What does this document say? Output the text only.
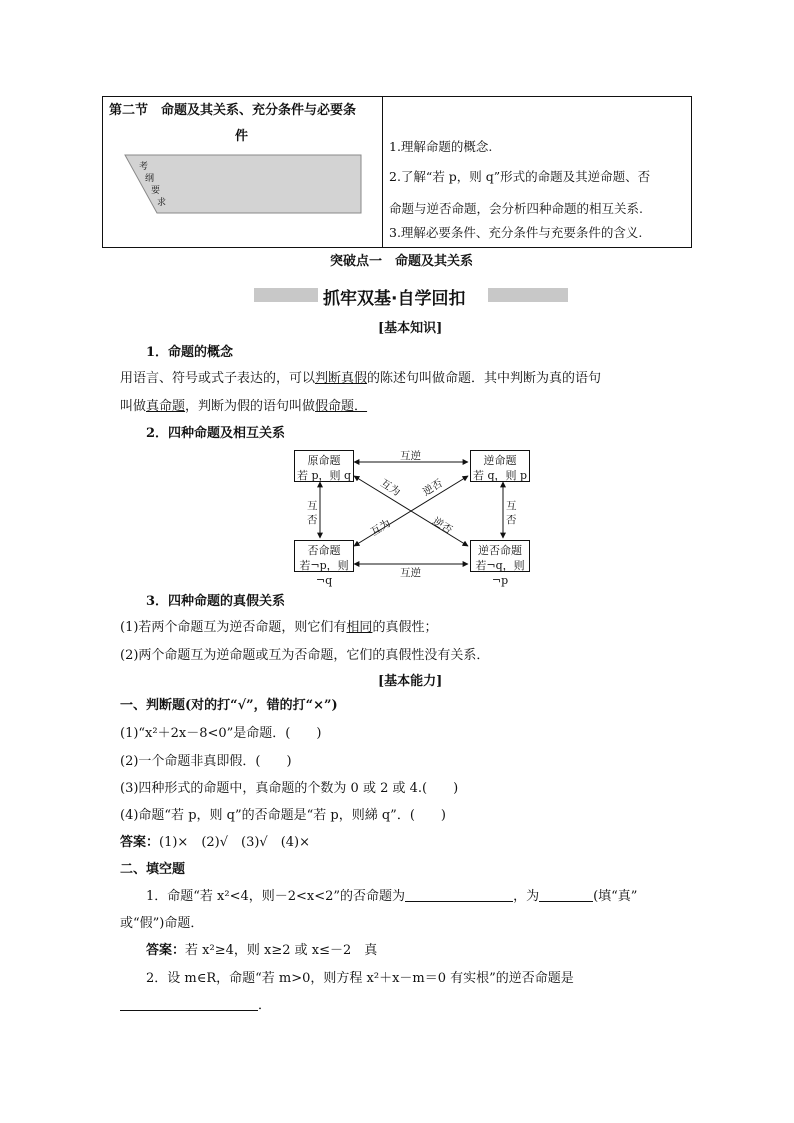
第二节　命题及其关系、充分条件与必要条
件
考
纲
要
求
1.理解命题的概念.
2.了解“若 p，则 q”形式的命题及其逆命题、否
命题与逆否命题，会分析四种命题的相互关系.
3.理解必要条件、充分条件与充要条件的含义.
突破点一　命题及其关系
抓牢双基·自学回扣
[基本知识]
1．命题的概念
用语言、符号或式子表达的，可以判断真假的陈述句叫做命题．其中判断为真的语句
叫做真命题，判断为假的语句叫做假命题．
2．四种命题及相互关系
原命题
若 p，则 q
逆命题
若 q，则 p
否命题
若¬p，则¬q
逆否命题
若¬q，则¬p
互逆
互逆
互
否
互
否
互为
逆否
逆否
互为
3．四种命题的真假关系
(1)若两个命题互为逆否命题，则它们有相同的真假性；
(2)两个命题互为逆命题或互为否命题，它们的真假性没有关系．
[基本能力]
一、判断题(对的打“√”，错的打“×”)
(1)“x²＋2x－8<0”是命题．(　　)
(2)一个命题非真即假．(　　)
(3)四种形式的命题中，真命题的个数为 0 或 2 或 4.(　　)
(4)命题“若 p，则 q”的否命题是“若 p，则綈 q”．(　　)
答案：(1)×　(2)√　(3)√　(4)×
二、填空题
1．命题“若 x²<4，则－2<x<2”的否命题为	，为	(填“真”
或“假”)命题．
答案：若 x²≥4，则 x≥2 或 x≤－2　真
2．设 m∈R，命题“若 m>0，则方程 x²＋x－m＝0 有实根”的逆否命题是
．
